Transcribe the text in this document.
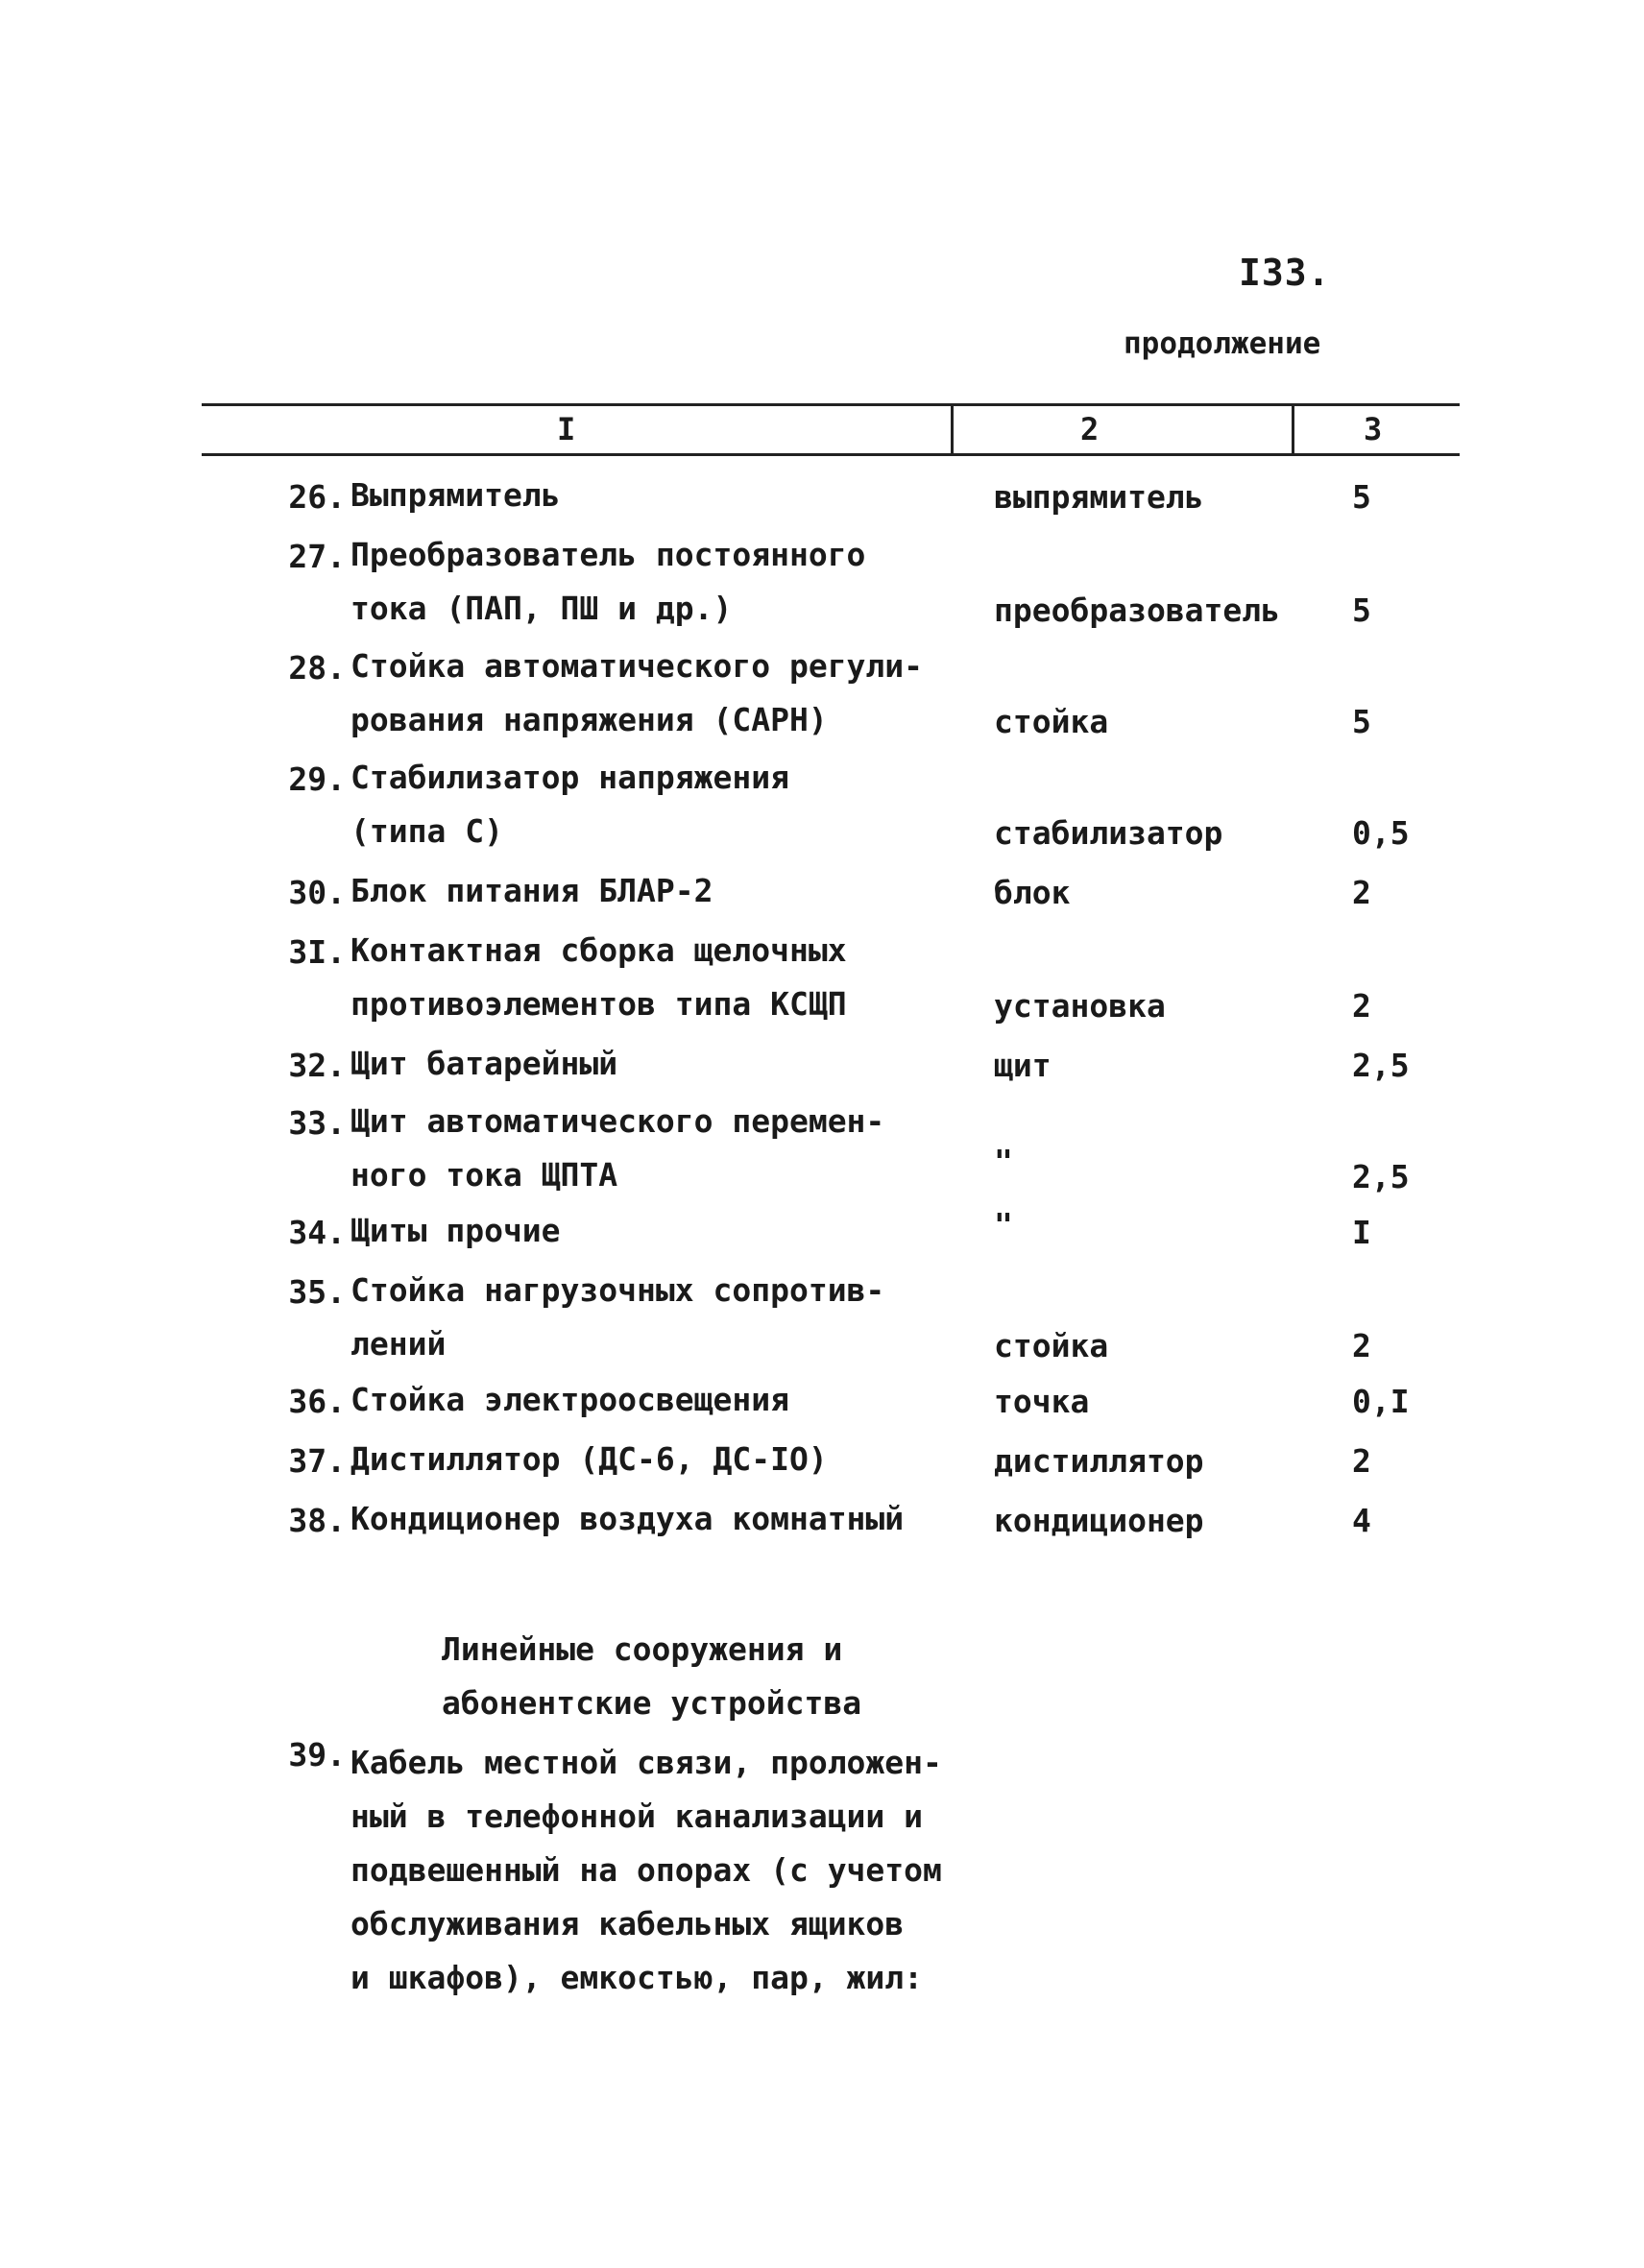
I33.
продолжение
I	2	3
26. Выпрямитель	выпрямитель	5
27. Преобразователь постоянного
тока (ПАП, ПШ и др.)	преобразователь 5
28. Стойка автоматического регули-
рования напряжения (САРН)	стойка	5
29. Стабилизатор напряжения
(типа С)	стабилизатор	0,5
30. Блок питания БЛАР-2	блок	2
3I. Контактная сборка щелочных
противоэлементов типа КСЩП	установка	2
32. Щит батарейный	щит	2,5
33. Щит автоматического перемен-
ного тока ЩПТА	"	2,5
34. Щиты прочие	"	I
35. Стойка нагрузочных сопротив-
лений	стойка	2
36. Стойка электроосвещения	точка	0,I
37. Дистиллятор (ДС-6, ДС-IO)	дистиллятор	2
38. Кондиционер воздуха комнатный	кондиционер	4
Линейные сооружения и
абонентские устройства
39. Кабель местной связи, проложен-
ный в телефонной канализации и
подвешенный на опорах (с учетом
обслуживания кабельных ящиков
и шкафов), емкостью, пар, жил:
